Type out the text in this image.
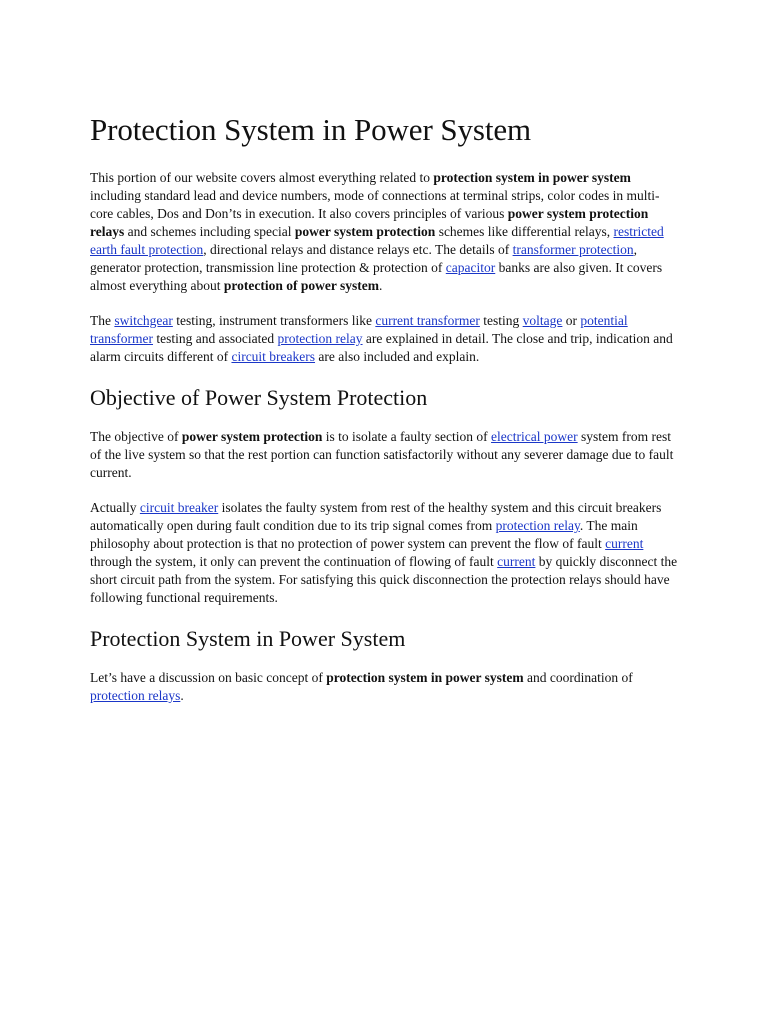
Protection System in Power System

This portion of our website covers almost everything related to protection system in power system including standard lead and device numbers, mode of connections at terminal strips, color codes in multi-core cables, Dos and Don’ts in execution. It also covers principles of various power system protection relays and schemes including special power system protection schemes like differential relays, restricted earth fault protection, directional relays and distance relays etc. The details of transformer protection, generator protection, transmission line protection & protection of capacitor banks are also given. It covers almost everything about protection of power system.

The switchgear testing, instrument transformers like current transformer testing voltage or potential transformer testing and associated protection relay are explained in detail. The close and trip, indication and alarm circuits different of circuit breakers are also included and explain.

Objective of Power System Protection

The objective of power system protection is to isolate a faulty section of electrical power system from rest of the live system so that the rest portion can function satisfactorily without any severer damage due to fault current.

Actually circuit breaker isolates the faulty system from rest of the healthy system and this circuit breakers automatically open during fault condition due to its trip signal comes from protection relay. The main philosophy about protection is that no protection of power system can prevent the flow of fault current through the system, it only can prevent the continuation of flowing of fault current by quickly disconnect the short circuit path from the system. For satisfying this quick disconnection the protection relays should have following functional requirements.

Protection System in Power System

Let’s have a discussion on basic concept of protection system in power system and coordination of protection relays.
